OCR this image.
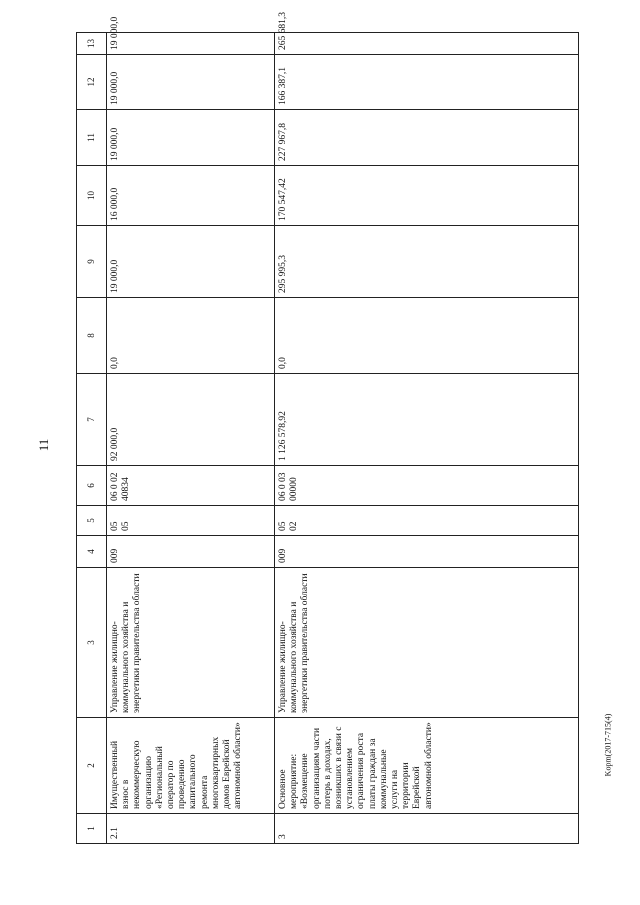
11
Kopm(2017-715(4)
1	2	3	4	5	6	7	8	9	10	11	12	13
2.1	Имущественный взнос в некоммерческую организацию «Региональный оператор по проведению капитального ремонта многоквартирных домов Еврейской автономной области»	Управление жилищно-коммунального хозяйства и энергетики правительства области	009	05 05	06 0 02 40834	92 000,0	0,0	19 000,0	16 000,0	19 000,0	19 000,0	19 000,0
3	Основное мероприятие: «Возмещение организациям части потерь в доходах, возникших в связи с установлением ограничения роста платы граждан за коммунальные услуги на территории Еврейской автономной области»	Управление жилищно-коммунального хозяйства и энергетики правительства области	009	05 02	06 0 03 00000	1 126 578,92	0,0	295 995,3	170 547,42	227 967,8	166 387,1	265 681,3
